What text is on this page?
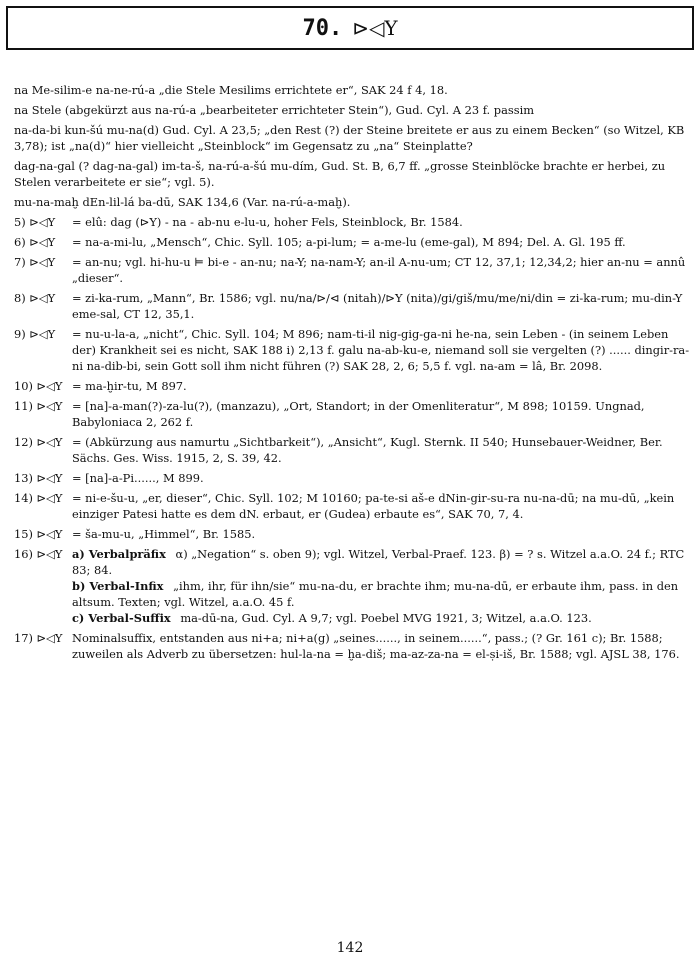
70. ⊳◁Y

na Me-silim-e na-ne-rú-a „die Stele Mesilims errichtete er“, SAK 24 f 4, 18.

na Stele (abgekürzt aus na-rú-a „bearbeiteter errichteter Stein“), Gud. Cyl. A 23 f. passim

na-da-bi kun-šú mu-na(d) Gud. Cyl. A 23,5; „den Rest (?) der Steine breitete er aus zu einem Becken“ (so Witzel, KB 3,78); ist „na(d)“ hier vielleicht „Steinblock“ im Gegensatz zu „na“ Steinplatte?

dag-na-gal (? dag-na-gal) im-ta-š, na-rú-a-šú mu-dím, Gud. St. B, 6,7 ff. „grosse Steinblöcke brachte er herbei, zu Stelen verarbeitete er sie“; vgl. 5).

mu-na-maḫ dEn-lil-lá ba-dū, SAK 134,6 (Var. na-rú-a-maḫ).

5) ⊳◁Y	= elû: dag (⊳Y) - na - ab-nu e-lu-u, hoher Fels, Steinblock, Br. 1584.
6) ⊳◁Y	= na-a-mi-lu, „Mensch“, Chic. Syll. 105; a-pi-lum; = a-me-lu (eme-gal), M 894; Del. A. Gl. 195 ff.
7) ⊳◁Y	= an-nu; vgl. hi-hu-u ⊨ bi-e - an-nu; na-Y; na-nam-Y; an-il A-nu-um; CT 12, 37,1; 12,34,2; hier an-nu = annû „dieser“.
8) ⊳◁Y	= zi-ka-rum, „Mann“, Br. 1586; vgl. nu/na/⊳/⊲ (nitah)/⊳Y (nita)/gi/giš/mu/me/ni/din = zi-ka-rum; mu-din-Y eme-sal, CT 12, 35,1.
9) ⊳◁Y	= nu-u-la-a, „nicht“, Chic. Syll. 104; M 896; nam-ti-il nig-gig-ga-ni he-na, sein Leben - (in seinem Leben der) Krankheit sei es nicht, SAK 188 i) 2,13 f. galu na-ab-ku-e, niemand soll sie vergelten (?) ...... dingir-ra-ni na-dib-bi, sein Gott soll ihm nicht führen (?) SAK 28, 2, 6; 5,5 f. vgl. na-am = lâ, Br. 2098.
10) ⊳◁Y = ma-ḫir-tu, M 897.
11) ⊳◁Y = [na]-a-man(?)-za-lu(?), (manzazu), „Ort, Standort; in der Omenliteratur“, M 898; 10159. Ungnad, Babyloniaca 2, 262 f.
12) ⊳◁Y = (Abkürzung aus namurtu „Sichtbarkeit“), „Ansicht“, Kugl. Sternk. II 540; Hunsebauer-Weidner, Ber. Sächs. Ges. Wiss. 1915, 2, S. 39, 42.
13) ⊳◁Y = [na]-a-Pi......, M 899.
14) ⊳◁Y = ni-e-šu-u, „er, dieser“, Chic. Syll. 102; M 10160; pa-te-si aš-e dNin-gir-su-ra nu-na-dū; na mu-dū, „kein einziger Patesi hatte es dem dN. erbaut, er (Gudea) erbaute es“, SAK 70, 7, 4.
15) ⊳◁Y = ša-mu-u, „Himmel“, Br. 1585.
16) ⊳◁Y a) Verbalpräfix α) „Negation“ s. oben 9); vgl. Witzel, Verbal-Praef. 123. β) = ? s. Witzel a.a.O. 24 f.; RTC 83; 84.
b) Verbal-Infix „ihm, ihr, für ihn/sie“ mu-na-du, er brachte ihm; mu-na-dū, er erbaute ihm, pass. in den altsum. Texten; vgl. Witzel, a.a.O. 45 f.
c) Verbal-Suffix ma-dū-na, Gud. Cyl. A 9,7; vgl. Poebel MVG 1921, 3; Witzel, a.a.O. 123.
17) ⊳◁Y Nominalsuffix, entstanden aus ni+a; ni+a(g) „seines......, in seinem......“, pass.; (? Gr. 161 c); Br. 1588; zuweilen als Adverb zu übersetzen: hul-la-na = ḫa-diš; ma-az-za-na = el-ṣi-iš, Br. 1588; vgl. AJSL 38, 176.
142
